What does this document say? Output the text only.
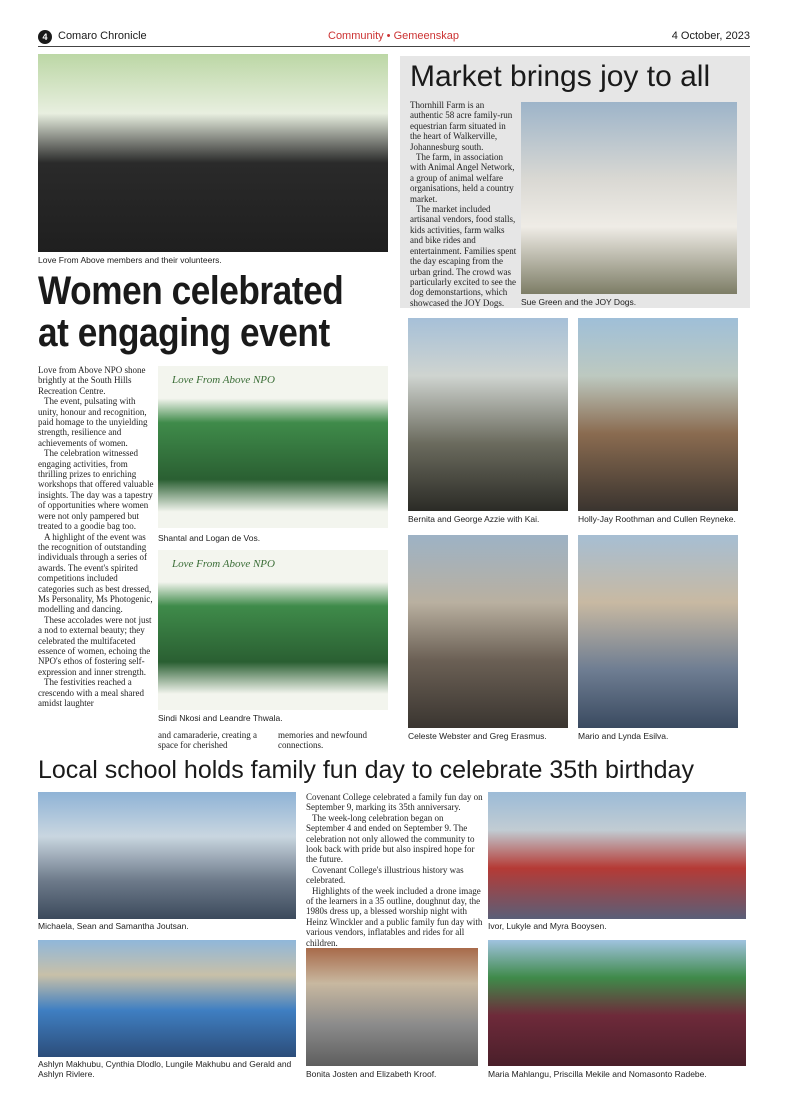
4 Comaro Chronicle	Community • Gemeenskap	4 October, 2023
Love From Above members and their volunteers.
Women celebrated
at engaging event

Love from Above NPO shone brightly at the South Hills Recreation Centre.

The event, pulsating with unity, honour and recognition, paid homage to the unyielding strength, resilience and achievements of women.

The celebration witnessed engaging activities, from thrilling prizes to enriching workshops that offered valuable insights. The day was a tapestry of opportunities where women were not only pampered but treated to a goodie bag too.

A highlight of the event was the recognition of outstanding individuals through a series of awards. The event's spirited competitions included categories such as best dressed, Ms Personality, Ms Photogenic, modelling and dancing.

These accolades were not just a nod to external beauty; they celebrated the multifaceted essence of women, echoing the NPO's ethos of fostering self-expression and inner strength.

The festivities reached a crescendo with a meal shared amidst laughter

Love From Above NPO
Shantal and Logan de Vos.
Love From Above NPO
Sindi Nkosi and Leandre Thwala.

and camaraderie, creating a space for cherished

memories and newfound connections.

Market brings joy to all

Thornhill Farm is an authentic 58 acre family-run equestrian farm situated in the heart of Walkerville, Johannesburg south.

The farm, in association with Animal Angel Network, a group of animal welfare organisations, held a country market.

The market included artisanal vendors, food stalls, kids activities, farm walks and bike rides and entertainment. Families spent the day escaping from the urban grind. The crowd was particularly excited to see the dog demonstartions, which showcased the JOY Dogs.	Sue Green and the JOY Dogs.
Bernita and George Azzie with Kai.	Holly-Jay Roothman and Cullen Reyneke.
Celeste Webster and Greg Erasmus.	Mario and Lynda Esilva.
Local school holds family fun day to celebrate 35th birthday
Michaela, Sean and Samantha Joutsan.

Covenant College celebrated a family fun day on September 9, marking its 35th anniversary.

The week-long celebration began on September 4 and ended on September 9. The celebration not only allowed the community to look back with pride but also inspired hope for the future.

Covenant College's illustrious history was celebrated.

Highlights of the week included a drone image of the learners in a 35 outline, doughnut day, the 1980s dress up, a blessed worship night with Heinz Winckler and a public family fun day with various vendors, inflatables and rides for all children.

Ivor, Lukyle and Myra Booysen.
Ashlyn Makhubu, Cynthia Dlodlo, Lungile Makhubu and Gerald and Ashlyn Rivlere.	Bonita Josten and Elizabeth Kroof.	Maria Mahlangu, Priscilla Mekile and Nomasonto Radebe.
